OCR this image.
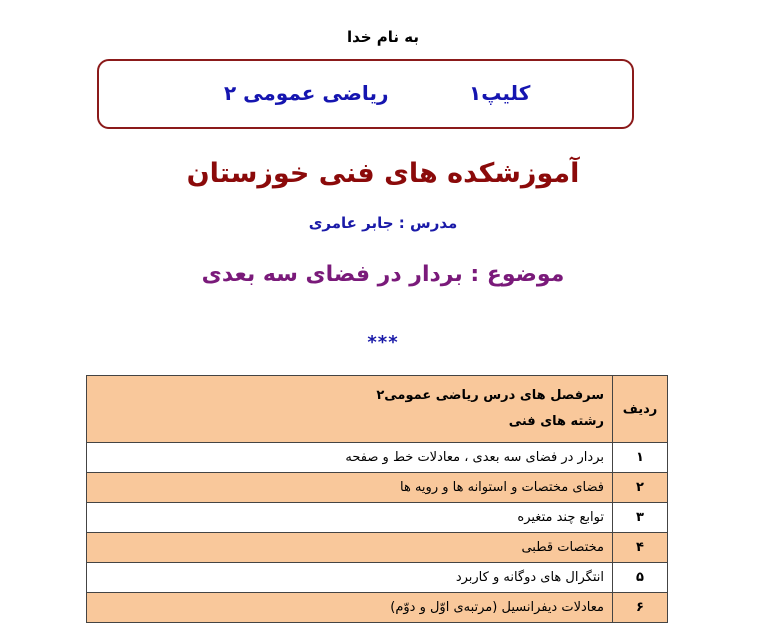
به نام خدا
کلیپ۱
ریاضی عمومی ۲
آموزشکده های فنی خوزستان
مدرس : جابر عامری
موضوع : بردار در فضای سه بعدی
***
ردیف	سرفصل های درس ریاضی عمومی۲
رشته های فنی

۱	بردار در فضای سه بعدی ، معادلات خط و صفحه
۲	فضای مختصات و استوانه ها و رویه ها
۳	توابع چند متغیره
۴	مختصات قطبی
۵	انتگرال های دوگانه و کاربرد
۶	معادلات دیفرانسیل (مرتبه‌ی اوّل و دوّم)
